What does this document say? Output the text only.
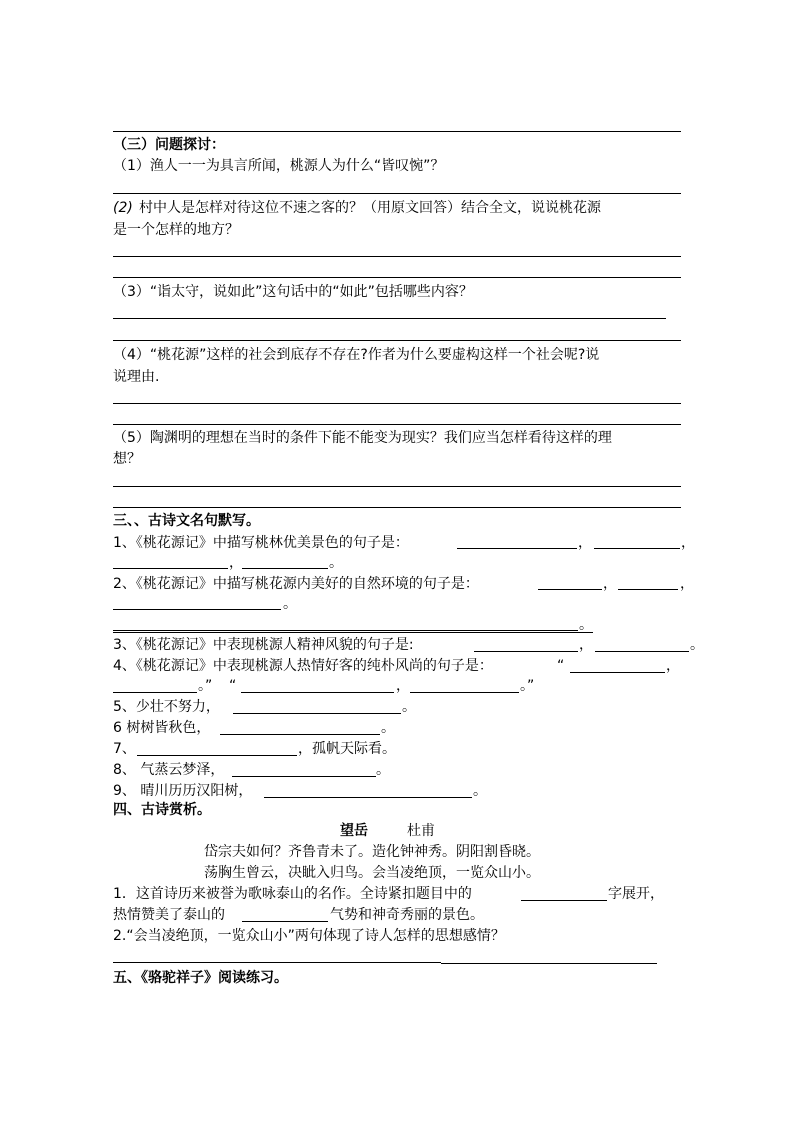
（三）问题探讨：
（1）渔人一一为具言所闻，桃源人为什么“皆叹惋”？
(2) 村中人是怎样对待这位不速之客的？（用原文回答）结合全文，说说桃花源
是一个怎样的地方？
（3）“诣太守，说如此”这句话中的“如此”包括哪些内容？
（4）“桃花源”这样的社会到底存不存在?作者为什么要虚构这样一个社会呢?说
说理由.
（5）陶渊明的理想在当时的条件下能不能变为现实？我们应当怎样看待这样的理
想？
三、、古诗文名句默写。
1、《桃花源记》中描写桃林优美景色的句子是：	，	，
，	。
2、《桃花源记》中描写桃花源内美好的自然环境的句子是：	，	，
。
。
3、《桃花源记》中表现桃源人精神风貌的句子是:	，	。
4、《桃花源记》中表现桃源人热情好客的纯朴风尚的句子是：	“	，
。” “	，	。”
5、少壮不努力，	。
6 树树皆秋色，	。
7、	，孤帆天际看。
8、 气蒸云梦泽，	。
9、 晴川历历汉阳树，	。
四、古诗赏析。
望岳	杜甫
岱宗夫如何？齐鲁青未了。造化钟神秀。阴阳割昏晓。
荡胸生曾云，决眦入归鸟。会当凌绝顶，一览众山小。
1．这首诗历来被誉为歌咏泰山的名作。全诗紧扣题目中的	字展开，
热情赞美了泰山的	气势和神奇秀丽的景色。
2.“会当凌绝顶，一览众山小”两句体现了诗人怎样的思想感情？
五、《骆驼祥子》阅读练习。
